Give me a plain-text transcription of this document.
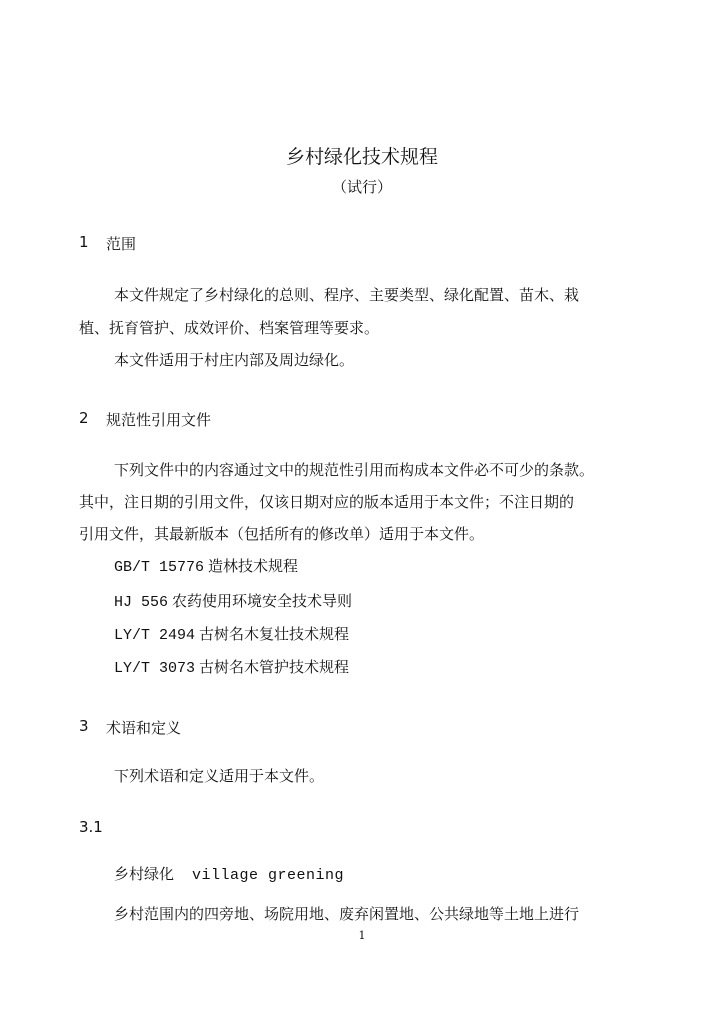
乡村绿化技术规程
（试行）
1 范围
本文件规定了乡村绿化的总则、程序、主要类型、绿化配置、苗木、栽
植、抚育管护、成效评价、档案管理等要求。
本文件适用于村庄内部及周边绿化。
2 规范性引用文件
下列文件中的内容通过文中的规范性引用而构成本文件必不可少的条款。
其中，注日期的引用文件，仅该日期对应的版本适用于本文件；不注日期的
引用文件，其最新版本（包括所有的修改单）适用于本文件。
GB/T 15776 造林技术规程
HJ 556 农药使用环境安全技术导则
LY/T 2494 古树名木复壮技术规程
LY/T 3073 古树名木管护技术规程
3 术语和定义
下列术语和定义适用于本文件。
3.1
乡村绿化 village greening
乡村范围内的四旁地、场院用地、废弃闲置地、公共绿地等土地上进行
1
